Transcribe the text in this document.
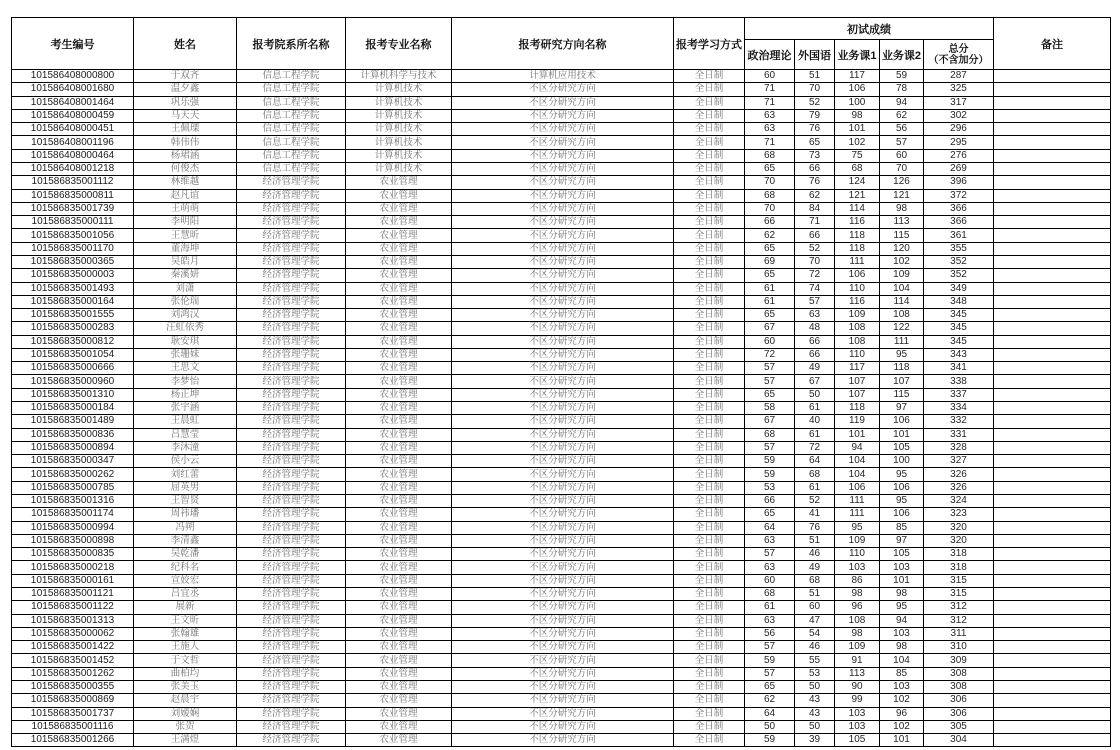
考生编号	姓名	报考院系所名称	报考专业名称	报考研究方向名称	报考学习方式	初试成绩					备注
						政治理论	外国语	业务课1	业务课2	总分
（不含加分）	

101586408000800	于双齐	信息工程学院	计算机科学与技术	计算机应用技术	全日制	60	51	117	59	287	
101586408001680	温夕鑫	信息工程学院	计算机技术	不区分研究方向	全日制	71	70	106	78	325	
101586408001464	巩乐强	信息工程学院	计算机技术	不区分研究方向	全日制	71	52	100	94	317	
101586408000459	马天天	信息工程学院	计算机技术	不区分研究方向	全日制	63	79	98	62	302	
101586408000451	王佩瑮	信息工程学院	计算机技术	不区分研究方向	全日制	63	76	101	56	296	
101586408001196	韩伟伟	信息工程学院	计算机技术	不区分研究方向	全日制	71	65	102	57	295	
101586408000464	杨珺涵	信息工程学院	计算机技术	不区分研究方向	全日制	68	73	75	60	276	
101586408001218	何俊杰	信息工程学院	计算机技术	不区分研究方向	全日制	65	66	68	70	269	
101586835001112	林维越	经济管理学院	农业管理	不区分研究方向	全日制	70	76	124	126	396	
101586835000811	赵凡谊	经济管理学院	农业管理	不区分研究方向	全日制	68	62	121	121	372	
101586835001739	王萌萌	经济管理学院	农业管理	不区分研究方向	全日制	70	84	114	98	366	
101586835000111	李明阳	经济管理学院	农业管理	不区分研究方向	全日制	66	71	116	113	366	
101586835001056	王慧昕	经济管理学院	农业管理	不区分研究方向	全日制	62	66	118	115	361	
101586835001170	董海坤	经济管理学院	农业管理	不区分研究方向	全日制	65	52	118	120	355	
101586835000365	吴皓月	经济管理学院	农业管理	不区分研究方向	全日制	69	70	111	102	352	
101586835000003	秦溪妍	经济管理学院	农业管理	不区分研究方向	全日制	65	72	106	109	352	
101586835001493	刘潇	经济管理学院	农业管理	不区分研究方向	全日制	61	74	110	104	349	
101586835000164	张伦瑞	经济管理学院	农业管理	不区分研究方向	全日制	61	57	116	114	348	
101586835001555	刘鸿汉	经济管理学院	农业管理	不区分研究方向	全日制	65	63	109	108	345	
101586835000283	汪虹依秀	经济管理学院	农业管理	不区分研究方向	全日制	67	48	108	122	345	
101586835000812	耿安琪	经济管理学院	农业管理	不区分研究方向	全日制	60	66	108	111	345	
101586835001054	张珊妹	经济管理学院	农业管理	不区分研究方向	全日制	72	66	110	95	343	
101586835000666	王思文	经济管理学院	农业管理	不区分研究方向	全日制	57	49	117	118	341	
101586835000960	李梦怡	经济管理学院	农业管理	不区分研究方向	全日制	57	67	107	107	338	
101586835001310	杨正坤	经济管理学院	农业管理	不区分研究方向	全日制	65	50	107	115	337	
101586835000184	张宇涵	经济管理学院	农业管理	不区分研究方向	全日制	58	61	118	97	334	
101586835001489	王晨虹	经济管理学院	农业管理	不区分研究方向	全日制	67	40	119	106	332	
101586835000836	吕慧莹	经济管理学院	农业管理	不区分研究方向	全日制	68	61	101	101	331	
101586835000894	李沐潼	经济管理学院	农业管理	不区分研究方向	全日制	57	72	94	105	328	
101586835000347	侯小云	经济管理学院	农业管理	不区分研究方向	全日制	59	64	104	100	327	
101586835000262	刘红蕾	经济管理学院	农业管理	不区分研究方向	全日制	59	68	104	95	326	
101586835000785	屈英男	经济管理学院	农业管理	不区分研究方向	全日制	53	61	106	106	326	
101586835001316	王智贤	经济管理学院	农业管理	不区分研究方向	全日制	66	52	111	95	324	
101586835001174	周祎璠	经济管理学院	农业管理	不区分研究方向	全日制	65	41	111	106	323	
101586835000994	冯朔	经济管理学院	农业管理	不区分研究方向	全日制	64	76	95	85	320	
101586835000898	李清鑫	经济管理学院	农业管理	不区分研究方向	全日制	63	51	109	97	320	
101586835000835	吴乾潘	经济管理学院	农业管理	不区分研究方向	全日制	57	46	110	105	318	
101586835000218	纪科名	经济管理学院	农业管理	不区分研究方向	全日制	63	49	103	103	318	
101586835000161	宣姣宏	经济管理学院	农业管理	不区分研究方向	全日制	60	68	86	101	315	
101586835001121	吕宜丞	经济管理学院	农业管理	不区分研究方向	全日制	68	51	98	98	315	
101586835001122	展新	经济管理学院	农业管理	不区分研究方向	全日制	61	60	96	95	312	
101586835001313	王文昕	经济管理学院	农业管理	不区分研究方向	全日制	63	47	108	94	312	
101586835000062	张翰雄	经济管理学院	农业管理	不区分研究方向	全日制	56	54	98	103	311	
101586835001422	王施人	经济管理学院	农业管理	不区分研究方向	全日制	57	46	109	98	310	
101586835001452	于文哲	经济管理学院	农业管理	不区分研究方向	全日制	59	55	91	104	309	
101586835001262	曲柏均	经济管理学院	农业管理	不区分研究方向	全日制	57	53	113	85	308	
101586835000355	张美玉	经济管理学院	农业管理	不区分研究方向	全日制	65	50	90	103	308	
101586835000869	赵晨宇	经济管理学院	农业管理	不区分研究方向	全日制	62	43	99	102	306	
101586835001737	刘嫒娴	经济管理学院	农业管理	不区分研究方向	全日制	64	43	103	96	306	
101586835001116	张贺	经济管理学院	农业管理	不区分研究方向	全日制	50	50	103	102	305	
101586835001266	王满煜	经济管理学院	农业管理	不区分研究方向	全日制	59	39	105	101	304	
